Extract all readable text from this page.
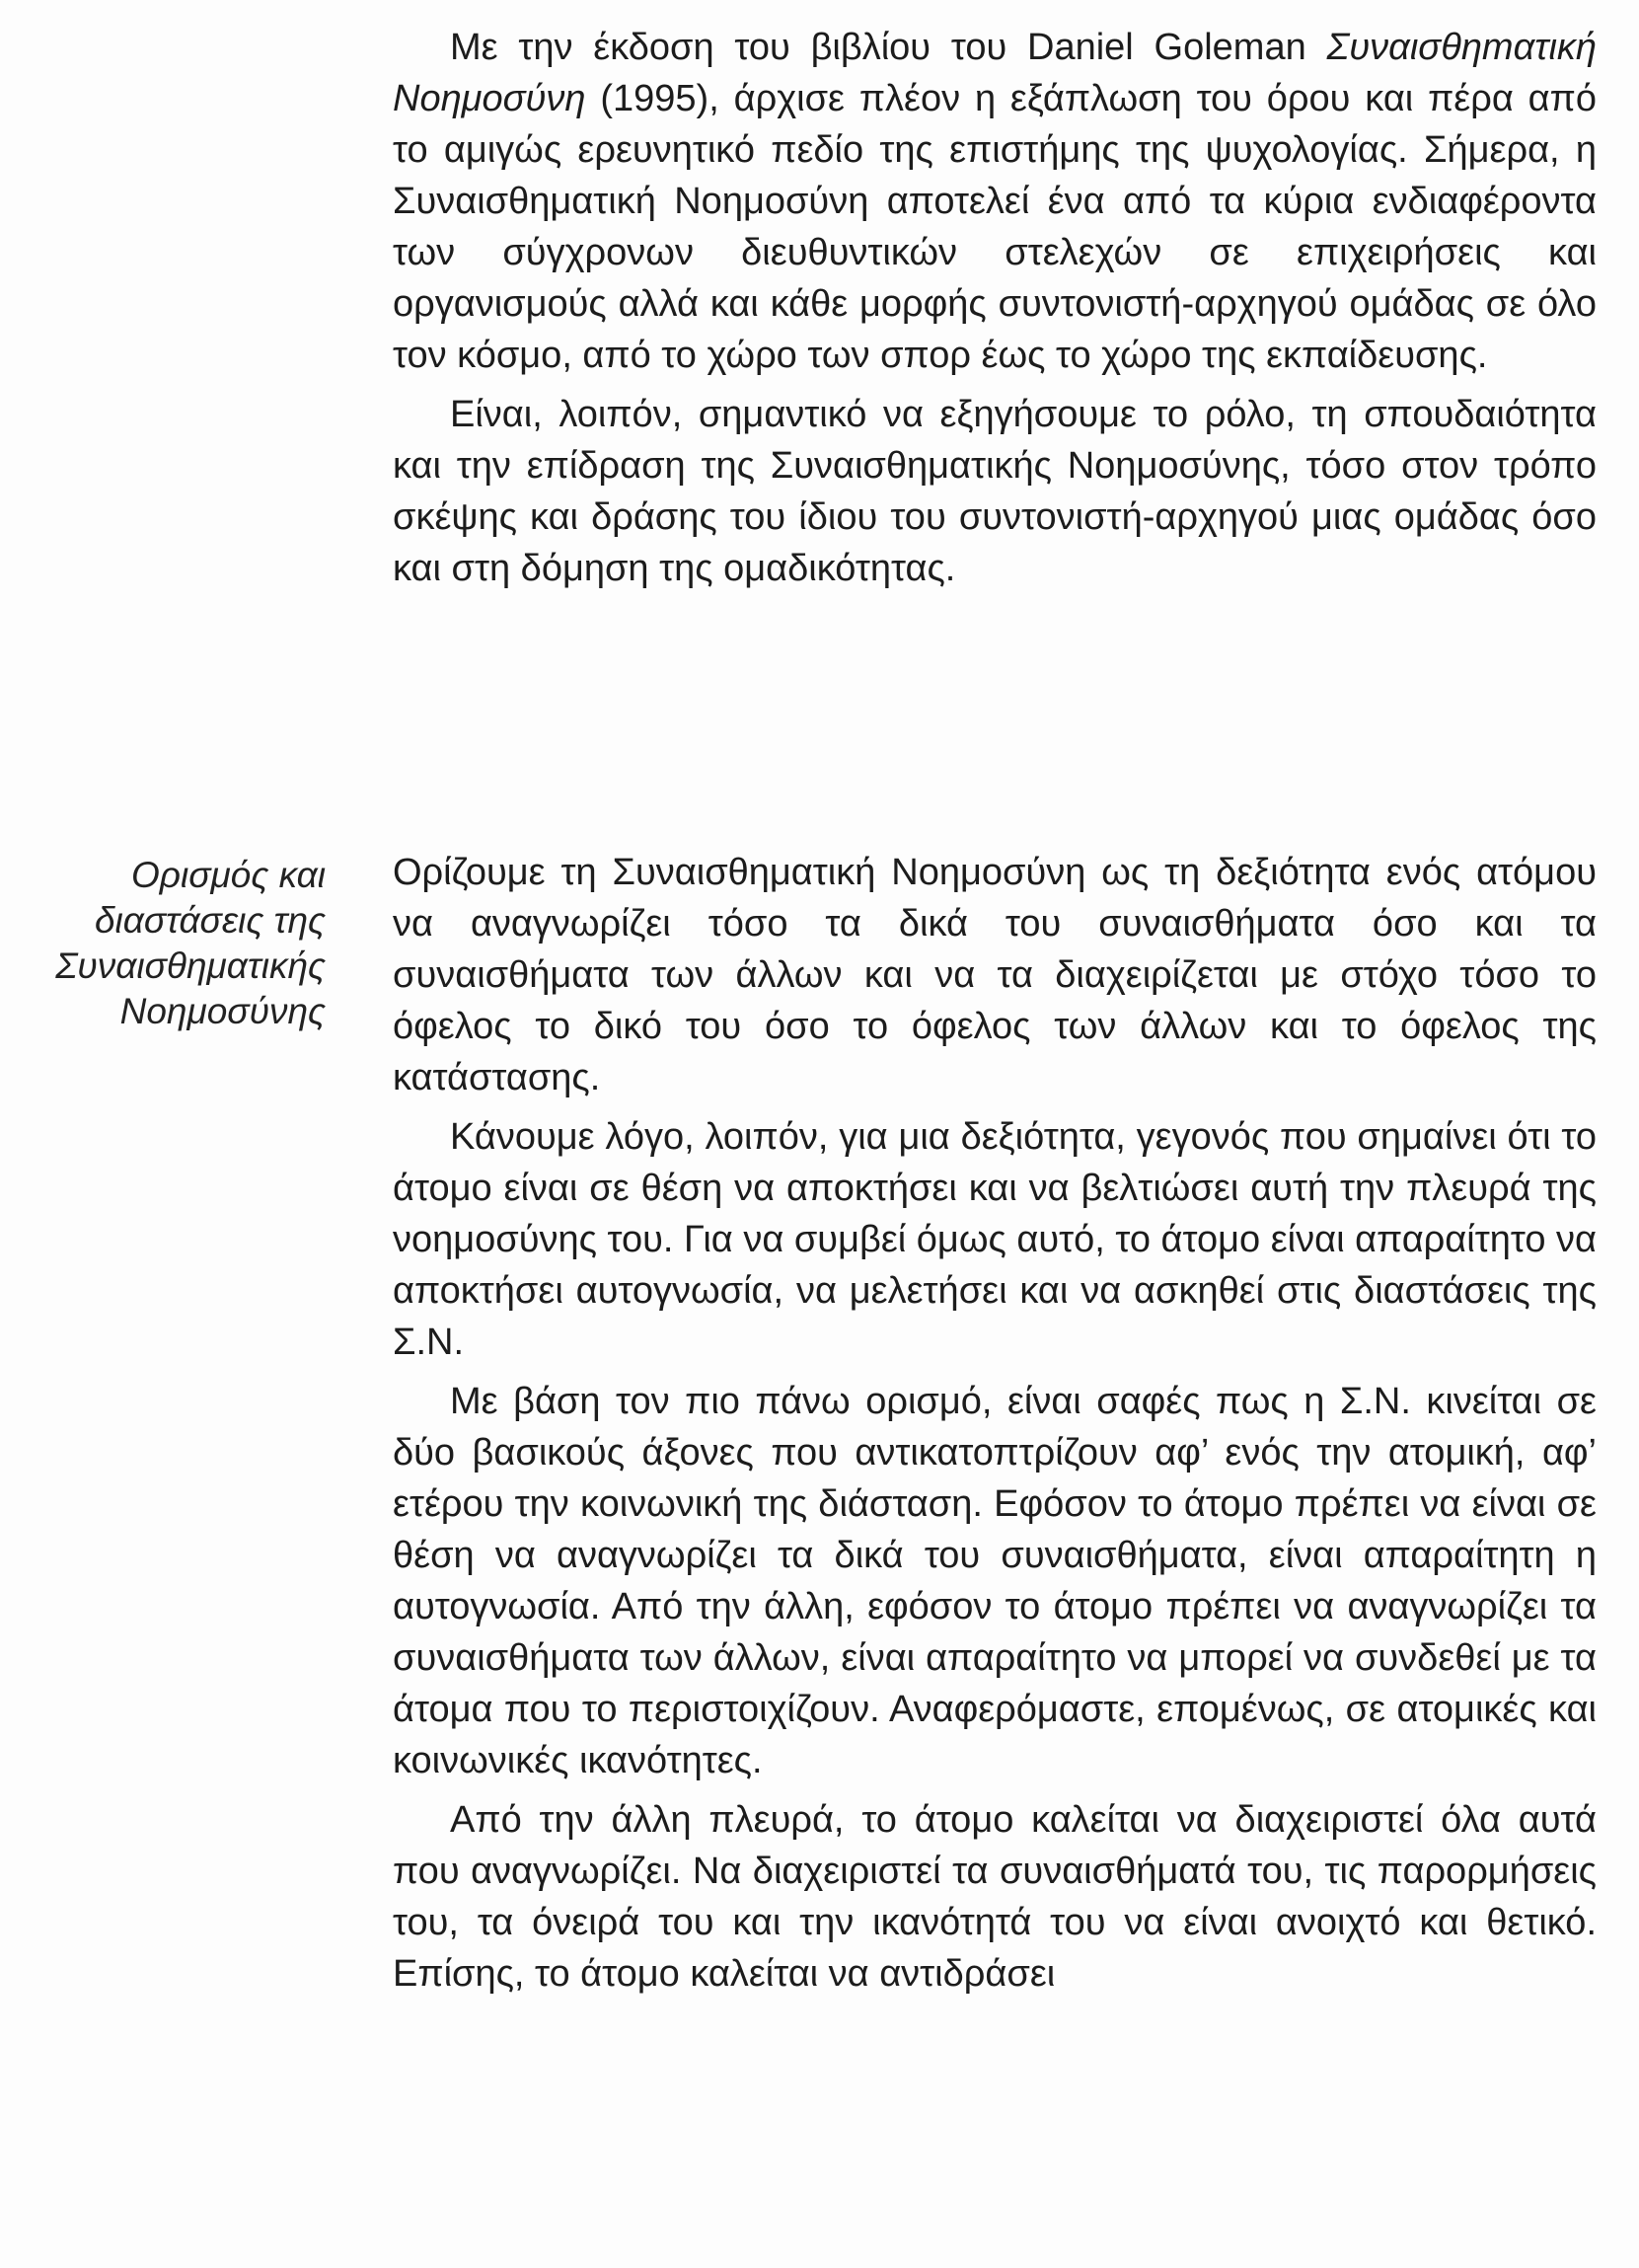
Με την έκδοση του βιβλίου του Daniel Goleman Συναισθηmατική Νοημοσύνη (1995), άρχισε πλέον η εξάπλωση του όρου και πέρα από το αμιγώς ερευνητικό πεδίο της επιστήμης της ψυχολογίας. Σήμερα, η Συναισθηματική Νοημοσύνη αποτελεί ένα από τα κύρια ενδιαφέροντα των σύγχρονων διευθυντικών στελεχών σε επιχειρήσεις και οργανισμούς αλλά και κάθε μορφής συντονιστή-αρχηγού ομάδας σε όλο τον κόσμο, από το χώρο των σπορ έως το χώρο της εκπαίδευσης.

Είναι, λοιπόν, σημαντικό να εξηγήσουμε το ρόλο, τη σπουδαιότητα και την επίδραση της Συναισθηματικής Νοημοσύνης, τόσο στον τρόπο σκέψης και δράσης του ίδιου του συντονιστή-αρχηγού μιας ομάδας όσο και στη δόμηση της ομαδικότητας.

Ορισμός και
διαστάσεις της
Συναισθηματικής
Νοημοσύνης

Ορίζουμε τη Συναισθηματική Νοημοσύνη ως τη δεξιότητα ενός ατόμου να αναγνωρίζει τόσο τα δικά του συναισθήματα όσο και τα συναισθήματα των άλλων και να τα διαχειρίζεται με στόχο τόσο το όφελος το δικό του όσο το όφελος των άλλων και το όφελος της κατάστασης.

Κάνουμε λόγο, λοιπόν, για μια δεξιότητα, γεγονός που σημαίνει ότι το άτομο είναι σε θέση να αποκτήσει και να βελτιώσει αυτή την πλευρά της νοημοσύνης του. Για να συμβεί όμως αυτό, το άτομο είναι απαραίτητο να αποκτήσει αυτογνωσία, να μελετήσει και να ασκηθεί στις διαστάσεις της Σ.Ν.

Με βάση τον πιο πάνω ορισμό, είναι σαφές πως η Σ.Ν. κινείται σε δύο βασικούς άξονες που αντικατοπτρίζουν αφ’ ενός την ατομική, αφ’ ετέρου την κοινωνική της διάσταση. Εφόσον το άτομο πρέπει να είναι σε θέση να αναγνωρίζει τα δικά του συναισθήματα, είναι απαραίτητη η αυτογνωσία. Από την άλλη, εφόσον το άτομο πρέπει να αναγνωρίζει τα συναισθήματα των άλλων, είναι απαραίτητο να μπορεί να συνδεθεί με τα άτομα που το περιστοιχίζουν. Αναφερόμαστε, επομένως, σε ατομικές και κοινωνικές ικανότητες.

Από την άλλη πλευρά, το άτομο καλείται να διαχειριστεί όλα αυτά που αναγνωρίζει. Να διαχειριστεί τα συναισθήματά του, τις παρορμήσεις του, τα όνειρά του και την ικανότητά του να είναι ανοιχτό και θετικό. Επίσης, το άτομο καλείται να αντιδράσει
